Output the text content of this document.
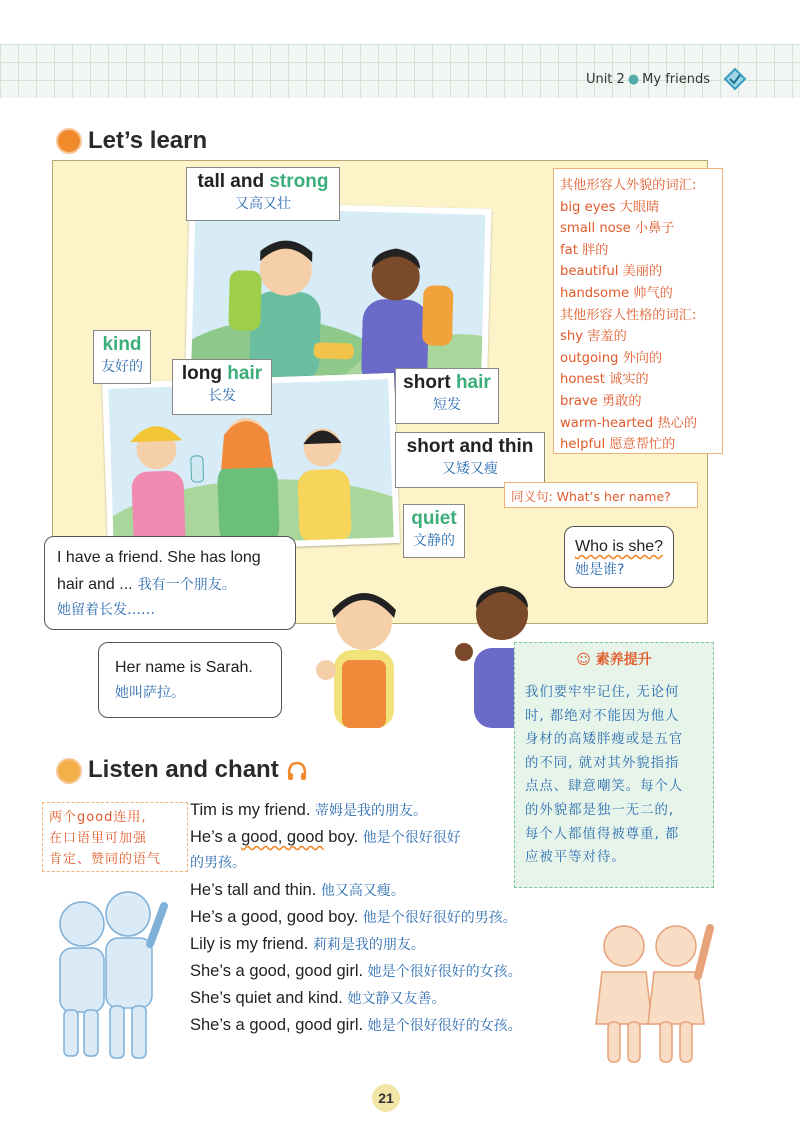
Unit 2 ● My friends
Let’s learn
tall and strong
又高又壮
kind
友好的	long hair
长发
short hair
短发
short and thin
又矮又瘦
quiet
文静的
其他形容人外貌的词汇:
big eyes 大眼睛
small nose 小鼻子
fat 胖的
beautiful 美丽的
handsome 帅气的
其他形容人性格的词汇:
shy 害羞的
outgoing 外向的
honest 诚实的
brave 勇敢的
warm-hearted 热心的
helpful 愿意帮忙的
同义句: What’s her name?
I have a friend. She has long
hair and ... 我有一个朋友。
她留着长发……
Who is she?
她是谁?
Her name is Sarah.
她叫萨拉。
☺ 素养提升
我们要牢牢记住, 无论何
时, 都绝对不能因为他人
身材的高矮胖瘦或是五官
的不同, 就对其外貌指指
点点、肆意嘲笑。每个人
的外貌都是独一无二的,
每个人都值得被尊重, 都
应被平等对待。
Listen and chant
两个good连用,
在口语里可加强
肯定、赞同的语气
Tim is my friend. 蒂姆是我的朋友。
He’s a good, good boy. 他是个很好很好
的男孩。
He’s tall and thin. 他又高又瘦。
He’s a good, good boy. 他是个很好很好的男孩。
Lily is my friend. 莉莉是我的朋友。
She’s a good, good girl. 她是个很好很好的女孩。
She’s quiet and kind. 她文静又友善。
She’s a good, good girl. 她是个很好很好的女孩。
21
